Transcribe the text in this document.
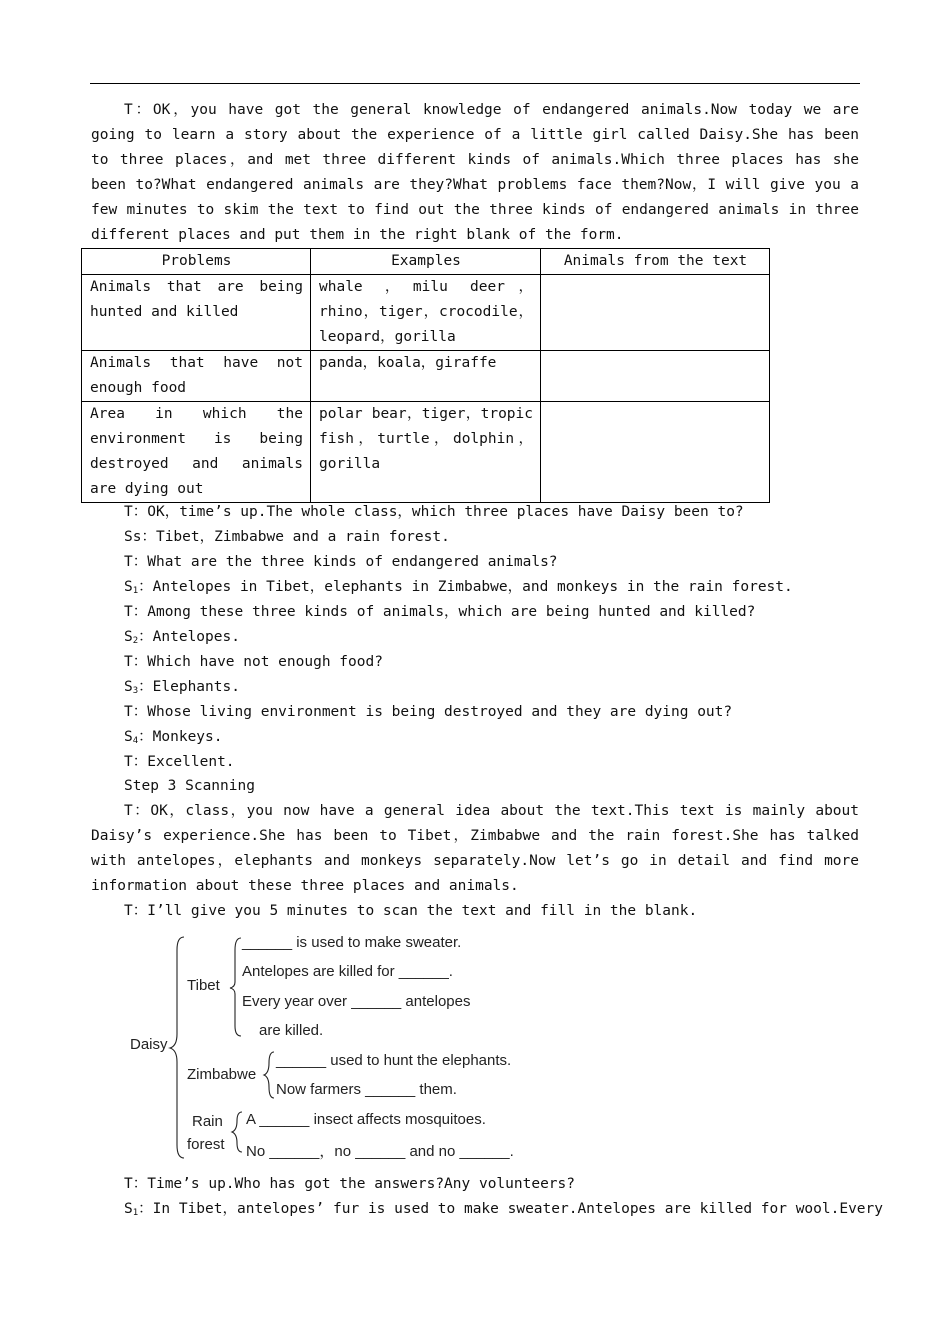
T：OK，you have got the general knowledge of endangered animals.Now today we are going to learn a story about the experience of a little girl called Daisy.She has been to three places，and met three different kinds of animals.Which three places has she been to?What endangered animals are they?What problems face them?Now，I will give you a few minutes to skim the text to find out the three kinds of endangered animals in three different places and put them in the right blank of the form.
Problems	Examples	Animals from the text
Animals that are being hunted and killed	whale ，milu deer，rhino，tiger，crocodile，leopard，gorilla	
Animals that have not enough food	panda，koala，giraffe	
Area in which the environment is being destroyed and animals are dying out	polar bear，tiger，tropic fish，turtle，dolphin，gorilla	
T：OK，time’s up.The whole class，which three places have Daisy been to?
Ss：Tibet，Zimbabwe and a rain forest.
T：What are the three kinds of endangered animals?
$S_1$：Antelopes in Tibet，elephants in Zimbabwe，and monkeys in the rain forest.
T：Among these three kinds of animals，which are being hunted and killed?
$S_2$：Antelopes.
T：Which have not enough food?
$S_3$：Elephants.
T：Whose living environment is being destroyed and they are dying out?
$S_4$：Monkeys.
T：Excellent.
Step 3 Scanning
T：OK，class，you now have a general idea about the text.This text is mainly about Daisy’s experience.She has been to Tibet，Zimbabwe and the rain forest.She has talked with antelopes，elephants and monkeys separately.Now let’s go in detail and find more information about these three places and animals.
T：I’ll give you 5 minutes to scan the text and fill in the blank.
Daisy
Tibet
______ is used to make sweater.
Antelopes are killed for ______.
Every year over ______ antelopes
are killed.
Zimbabwe
______ used to hunt the elephants.
Now farmers ______ them.
Rain
forest
A ______ insect affects mosquitoes.
No ______，no ______ and no ______.
T：Time’s up.Who has got the answers?Any volunteers?
$S_1$：In Tibet，antelopes’ fur is used to make sweater.Antelopes are killed for wool.Every
